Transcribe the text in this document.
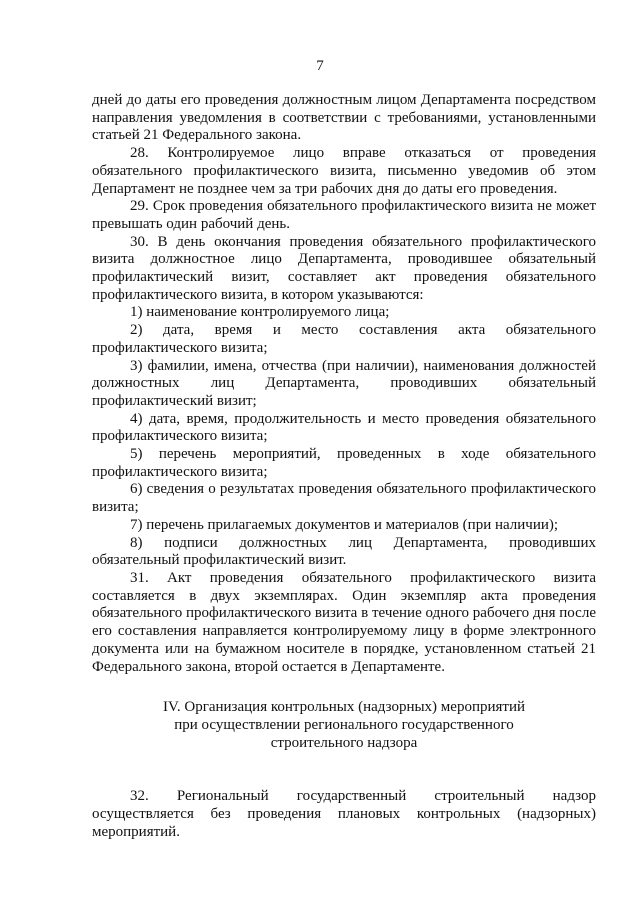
7

дней до даты его проведения должностным лицом Департамента посредством направления уведомления в соответствии с требованиями, установленными статьей 21 Федерального закона.

28. Контролируемое лицо вправе отказаться от проведения обязательного профилактического визита, письменно уведомив об этом Департамент не позднее чем за три рабочих дня до даты его проведения.

29. Срок проведения обязательного профилактического визита не может превышать один рабочий день.

30. В день окончания проведения обязательного профилактического визита должностное лицо Департамента, проводившее обязательный профилактический визит, составляет акт проведения обязательного профилактического визита, в котором указываются:

1) наименование контролируемого лица;

2) дата, время и место составления акта обязательного профилактического визита;

3) фамилии, имена, отчества (при наличии), наименования должностей должностных лиц Департамента, проводивших обязательный профилактический визит;

4) дата, время, продолжительность и место проведения обязательного профилактического визита;

5) перечень мероприятий, проведенных в ходе обязательного профилактического визита;

6) сведения о результатах проведения обязательного профилактического визита;

7) перечень прилагаемых документов и материалов (при наличии);

8) подписи должностных лиц Департамента, проводивших обязательный профилактический визит.

31. Акт проведения обязательного профилактического визита составляется в двух экземплярах. Один экземпляр акта проведения обязательного профилактического визита в течение одного рабочего дня после его составления направляется контролируемому лицу в форме электронного документа или на бумажном носителе в порядке, установленном статьей 21 Федерального закона, второй остается в Департаменте.

IV. Организация контрольных (надзорных) мероприятий
при осуществлении регионального государственного
строительного надзора

32. Региональный государственный строительный надзор осуществляется без проведения плановых контрольных (надзорных) мероприятий.
